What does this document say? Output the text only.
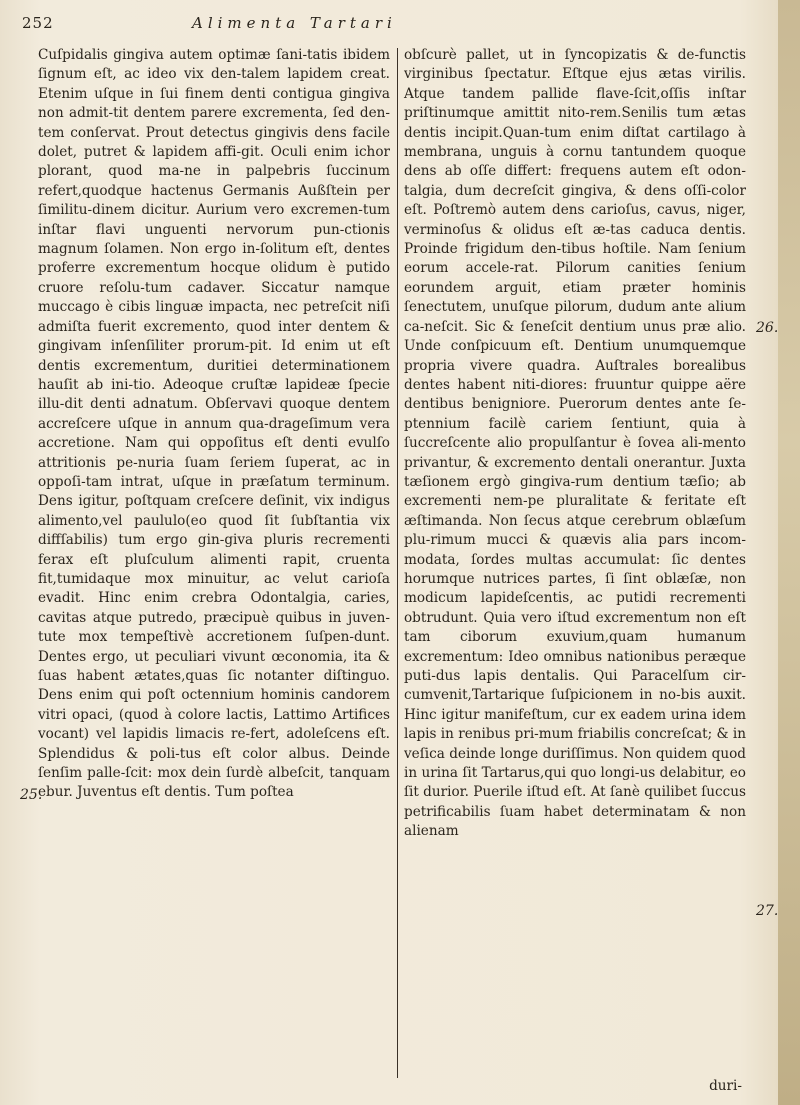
252	Alimenta Tartari

Cuſpidalis gingiva autem optimæ ſani-tatis ibidem ſignum eſt, ac ideo vix den-talem lapidem creat. Etenim uſque in ſui finem denti contigua gingiva non admit-tit dentem parere excrementa, ſed den-tem conſervat. Prout detectus gingivis dens facile dolet, putret & lapidem affi-git. Oculi enim ichor plorant, quod ma-ne in palpebris ſuccinum refert,quodque hactenus Germanis Außſtein per ſimilitu-dinem dicitur. Aurium vero excremen-tum inſtar flavi unguenti nervorum pun-ctionis magnum ſolamen. Non ergo in-ſolitum eſt, dentes proferre excrementum hocque olidum è putido cruore reſolu-tum cadaver. Siccatur namque muccago è cibis linguæ impacta, nec petreſcit niſi admiſta fuerit excremento, quod inter dentem & gingivam inſenſiliter prorum-pit. Id enim ut eſt dentis excrementum, duritiei determinationem hauſit ab ini-tio. Adeoque cruſtæ lapideæ ſpecie illu-dit denti adnatum. Obſervavi quoque dentem accreſcere uſque in annum qua-drageſimum vera accretione. Nam qui oppoſitus eſt denti evulſo attritionis pe-nuria ſuam ſeriem ſuperat, ac in oppoſi-tam intrat, uſque in præſatum terminum. Dens igitur, poſtquam creſcere deſinit, vix indigus alimento,vel paululo(eo quod ſit ſubſtantia vix diffſabilis) tum ergo gin-giva pluris recrementi ferax eſt pluſculum alimenti rapit, cruenta fit,tumidaque mox minuitur, ac velut carioſa evadit. Hinc enim crebra Odontalgia, caries, cavitas atque putredo, præcipuè quibus in juven-tute mox tempeſtivè accretionem ſuſpen-dunt. Dentes ergo, ut peculiari vivunt œconomia, ita & ſuas habent ætates,quas ſic notanter diſtinguo. Dens enim qui poſt octennium hominis candorem vitri opaci, (quod à colore lactis, Lattimo Artifices vocant) vel lapidis limacis re-fert, adoleſcens eſt. Splendidus & poli-tus eſt color albus. Deinde ſenſim palle-ſcit: mox dein ſurdè albeſcit, tanquam ebur. Juventus eſt dentis. Tum poſtea

obſcurè pallet, ut in ſyncopizatis & de-functis virginibus ſpectatur. Eſtque ejus ætas virilis. Atque tandem pallide flave-ſcit,oſſis inſtar priſtinumque amittit nito-rem.Senilis tum ætas dentis incipit.Quan-tum enim diſtat cartilago à membrana, unguis à cornu tantundem quoque dens ab oſſe differt: frequens autem eſt odon-talgia, dum decreſcit gingiva, & dens oſſi-color eſt. Poſtremò autem dens carioſus, cavus, niger, verminoſus & olidus eſt æ-tas caduca dentis. Proinde frigidum den-tibus hoſtile. Nam ſenium eorum accele-rat. Pilorum canities ſenium eorundem arguit, etiam præter hominis ſenectutem, unuſque pilorum, dudum ante alium ca-neſcit. Sic & ſeneſcit dentium unus præ alio. Unde conſpicuum eſt. Dentium unumquemque propria vivere quadra. Auſtrales borealibus dentes habent niti-diores: fruuntur quippe aëre dentibus benigniore. Puerorum dentes ante ſe-ptennium facilè cariem ſentiunt, quia à ſuccreſcente alio propulſantur è ſovea ali-mento privantur, & excremento dentali onerantur. Juxta tæſionem ergò gingiva-rum dentium tæſio; ab excrementi nem-pe pluralitate & feritate eſt æſtimanda. Non ſecus atque cerebrum oblæſum plu-rimum mucci & quævis alia pars incom-modata, ſordes multas accumulat: ſic dentes horumque nutrices partes, ſi ſint oblæſæ, non modicum lapideſcentis, ac putidi recrementi obtrudunt. Quia vero iſtud excrementum non eſt tam ciborum exuvium,quam humanum excrementum: Ideo omnibus nationibus peræque puti-dus lapis dentalis. Qui Paracelſum cir-cumvenit,Tartarique ſuſpicionem in no-bis auxit. Hinc igitur manifeſtum, cur ex eadem urina idem lapis in renibus pri-mum friabilis concreſcat; & in veſica deinde longe duriſſimus. Non quidem quod in urina ſit Tartarus,qui quo longi-us delabitur, eo ſit durior. Puerile iſtud eſt. At ſanè quilibet ſuccus petrificabilis ſuam habet determinatam & non alienam

25.
26.
27.
duri-
